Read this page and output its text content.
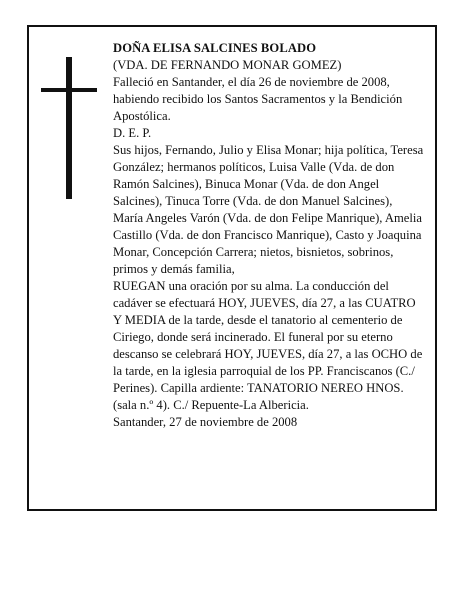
DOÑA ELISA SALCINES BOLADO

(VDA. DE FERNANDO MONAR GOMEZ)

Falleció en Santander, el día 26 de noviembre de 2008, habiendo recibido los Santos Sacramentos y la Bendición Apostólica.

D. E. P.

Sus hijos, Fernando, Julio y Elisa Monar; hija política, Teresa González; hermanos políticos, Luisa Valle (Vda. de don Ramón Salcines), Binuca Monar (Vda. de don Angel Salcines), Tinuca Torre (Vda. de don Manuel Salcines), María Angeles Varón (Vda. de don Felipe Manrique), Amelia Castillo (Vda. de don Francisco Manrique), Casto y Joaquina Monar, Concepción Carrera; nietos, bisnietos, sobrinos, primos y demás familia,

RUEGAN una oración por su alma. La conducción del cadáver se efectuará HOY, JUEVES, día 27, a las CUATRO Y MEDIA de la tarde, desde el tanatorio al cementerio de Ciriego, donde será incinerado. El funeral por su eterno descanso se celebrará HOY, JUEVES, día 27, a las OCHO de la tarde, en la iglesia parroquial de los PP. Franciscanos (C./ Perines). Capilla ardiente: TANATORIO NEREO HNOS. (sala n.º 4). C./ Repuente-La Albericia.

Santander, 27 de noviembre de 2008
